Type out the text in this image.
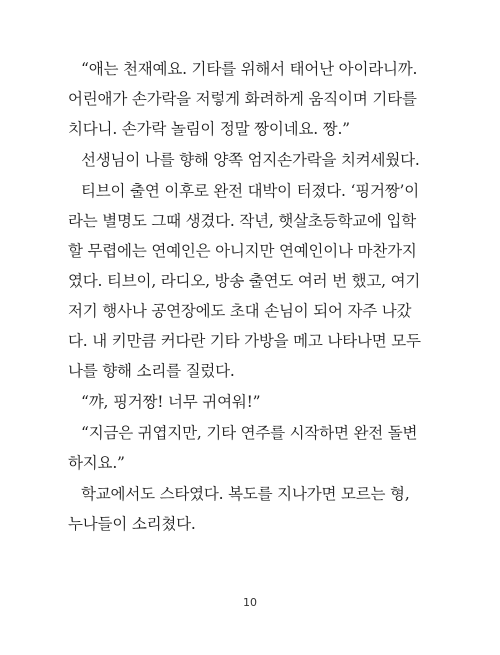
“애는 천재예요. 기타를 위해서 태어난 아이라니까.
어린애가 손가락을 저렇게 화려하게 움직이며 기타를
치다니. 손가락 놀림이 정말 짱이네요. 짱.”
선생님이 나를 향해 양쪽 엄지손가락을 치켜세웠다.
티브이 출연 이후로 완전 대박이 터졌다. ‘핑거짱’이
라는 별명도 그때 생겼다. 작년, 햇살초등학교에 입학
할 무렵에는 연예인은 아니지만 연예인이나 마찬가지
였다. 티브이, 라디오, 방송 출연도 여러 번 했고, 여기
저기 행사나 공연장에도 초대 손님이 되어 자주 나갔
다. 내 키만큼 커다란 기타 가방을 메고 나타나면 모두
나를 향해 소리를 질렀다.
“꺄, 핑거짱! 너무 귀여워!”
“지금은 귀엽지만, 기타 연주를 시작하면 완전 돌변
하지요.”
학교에서도 스타였다. 복도를 지나가면 모르는 형,
누나들이 소리쳤다.
10
